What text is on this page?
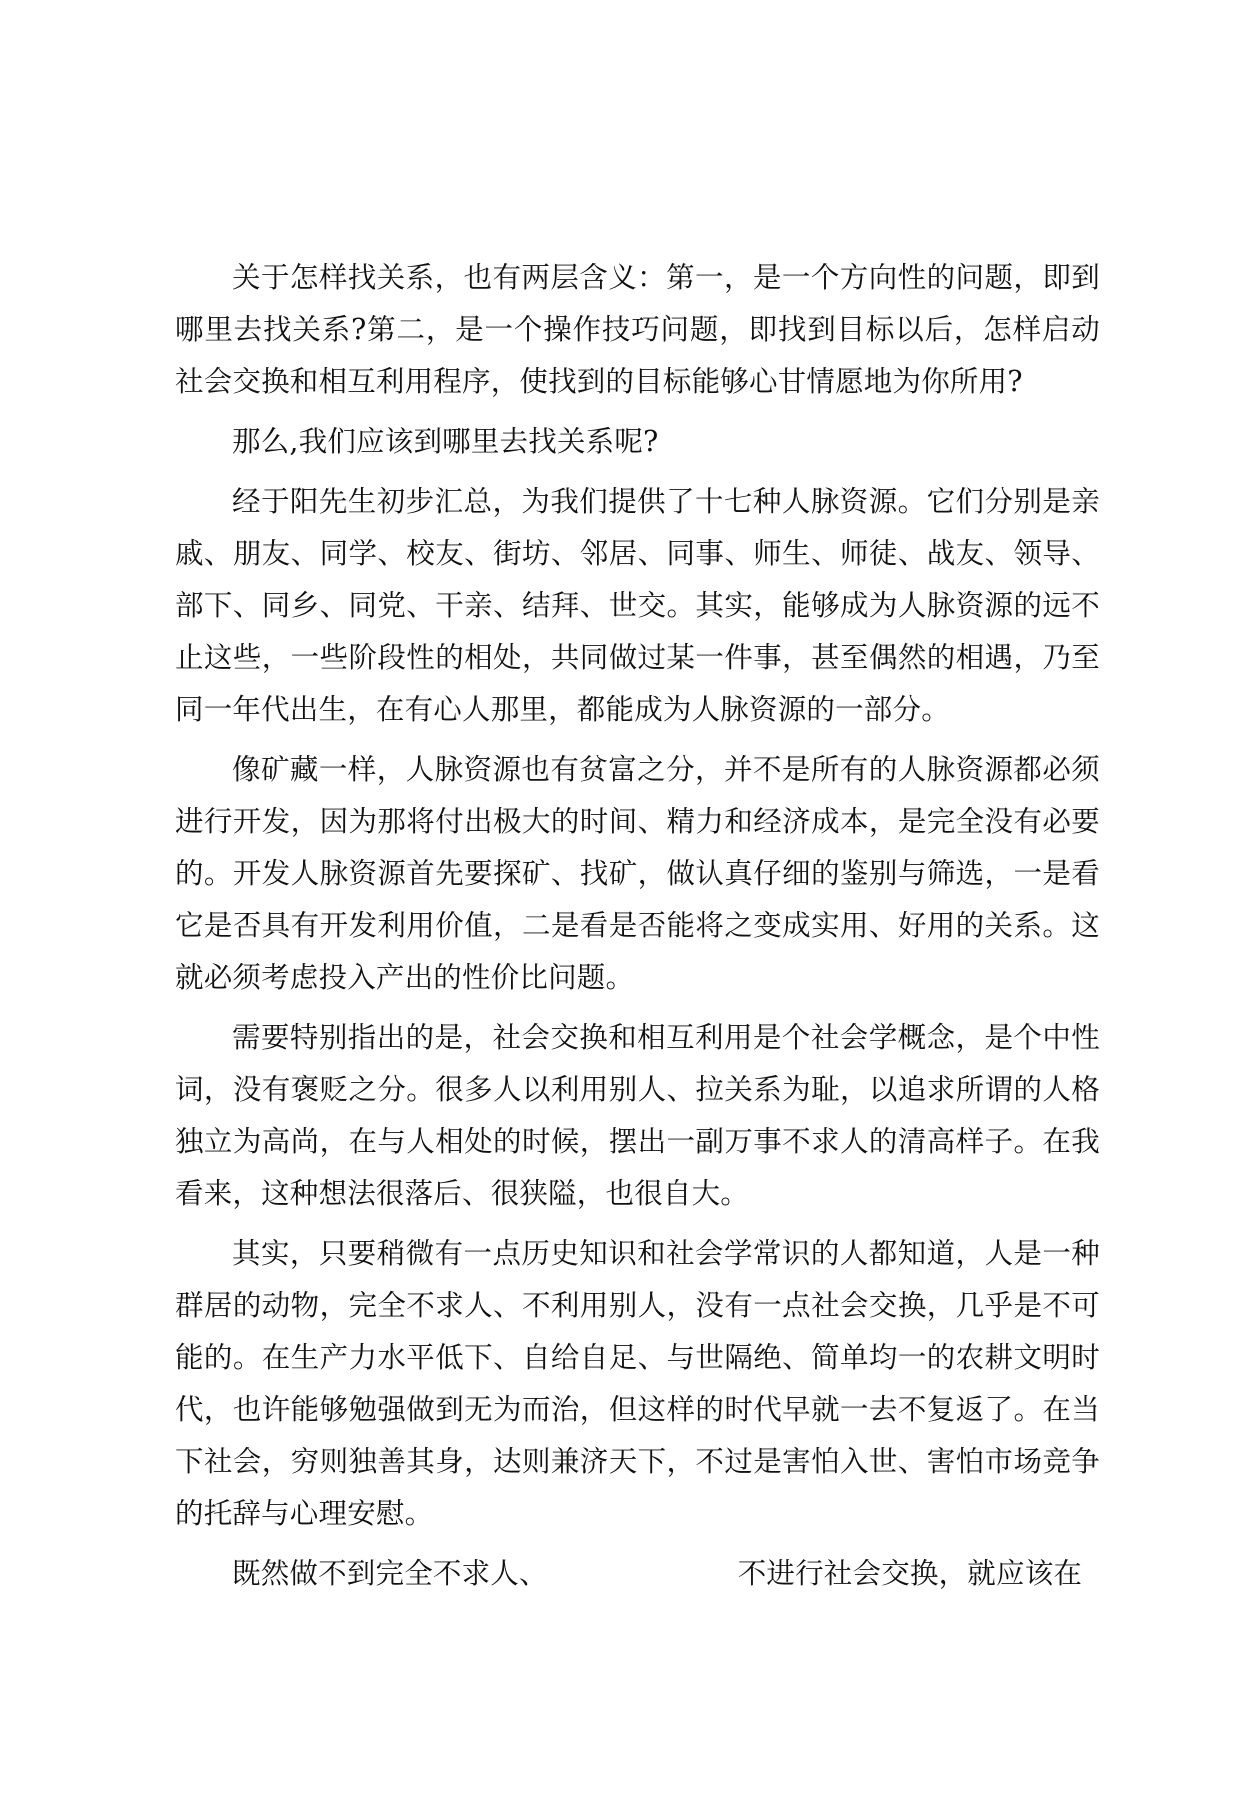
关于怎样找关系，也有两层含义：第一，是一个方向性的问题，即到哪里去找关系?第二，是一个操作技巧问题，即找到目标以后，怎样启动社会交换和相互利用程序，使找到的目标能够心甘情愿地为你所用?

那么,我们应该到哪里去找关系呢?

经于阳先生初步汇总，为我们提供了十七种人脉资源。它们分别是亲戚、朋友、同学、校友、街坊、邻居、同事、师生、师徒、战友、领导、部下、同乡、同党、干亲、结拜、世交。其实，能够成为人脉资源的远不止这些，一些阶段性的相处，共同做过某一件事，甚至偶然的相遇，乃至同一年代出生，在有心人那里，都能成为人脉资源的一部分。

像矿藏一样，人脉资源也有贫富之分，并不是所有的人脉资源都必须进行开发，因为那将付出极大的时间、精力和经济成本，是完全没有必要的。开发人脉资源首先要探矿、找矿，做认真仔细的鉴别与筛选，一是看它是否具有开发利用价值，二是看是否能将之变成实用、好用的关系。这就必须考虑投入产出的性价比问题。

需要特别指出的是，社会交换和相互利用是个社会学概念，是个中性词，没有褒贬之分。很多人以利用别人、拉关系为耻，以追求所谓的人格独立为高尚，在与人相处的时候，摆出一副万事不求人的清高样子。在我看来，这种想法很落后、很狭隘，也很自大。

其实，只要稍微有一点历史知识和社会学常识的人都知道，人是一种群居的动物，完全不求人、不利用别人，没有一点社会交换，几乎是不可能的。在生产力水平低下、自给自足、与世隔绝、简单均一的农耕文明时代，也许能够勉强做到无为而治，但这样的时代早就一去不复返了。在当下社会，穷则独善其身，达则兼济天下，不过是害怕入世、害怕市场竞争的托辞与心理安慰。

既然做不到完全不求人、	不进行社会交换，就应该在
